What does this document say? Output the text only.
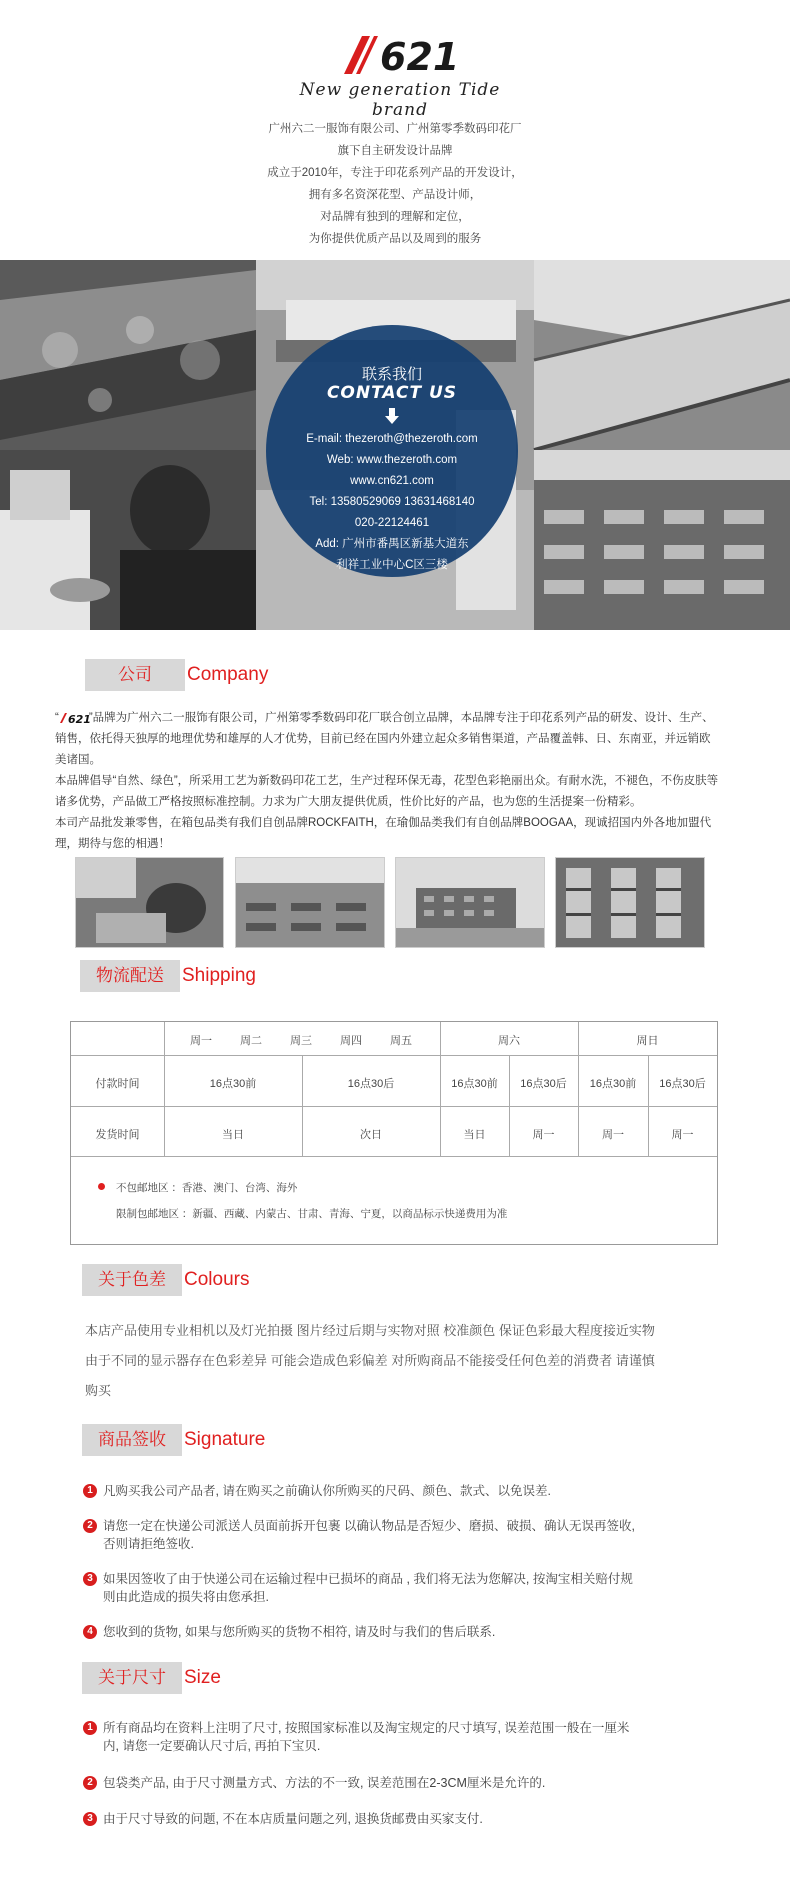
621
New generation Tide brand
广州六二一服饰有限公司、广州第零季数码印花厂
旗下自主研发设计品牌
成立于2010年，专注于印花系列产品的开发设计，
拥有多名资深花型、产品设计师，
对品牌有独到的理解和定位，
为你提供优质产品以及周到的服务
联系我们
CONTACT US
E-mail: thezeroth@thezeroth.com
Web: www.thezeroth.com
www.cn621.com
Tel: 13580529069 13631468140
020-22124461
Add: 广州市番禺区新基大道东
利祥工业中心C区三楼
公司	Company
“ 621
”品牌为广州六二一服饰有限公司，广州第零季数码印花厂联合创立品牌，本品牌专注于印花系列产品的研发、设计、生产、
销售，依托得天独厚的地理优势和雄厚的人才优势，目前已经在国内外建立起众多销售渠道，产品覆盖韩、日、东南亚，并远销欧
美诸国。
本品牌倡导“自然、绿色”，所采用工艺为新数码印花工艺，生产过程环保无毒，花型色彩艳丽出众。有耐水洗，不褪色，不伤皮肤等
诸多优势，产品做工严格按照标准控制。力求为广大朋友提供优质，性价比好的产品，也为您的生活提案一份精彩。
本司产品批发兼零售，在箱包品类有我们自创品牌ROCKFAITH，在瑜伽品类我们有自创品牌BOOGAA，现诚招国内外各地加盟代
理，期待与您的相遇！
物流配送 Shipping
周一	周二	周三	周四	周五	周六	周日
付款时间	16点30前	16点30后	16点30前	16点30后	16点30前	16点30后
发货时间	当日	次日	当日	周一	周一	周一
不包邮地区 ：香港、澳门、台湾、海外
限制包邮地区 ：新疆、西藏、内蒙古、甘肃、青海、宁夏，以商品标示快递费用为准
关于色差 Colours
本店产品使用专业相机以及灯光拍摄 图片经过后期与实物对照 校准颜色 保证色彩最大程度接近实物
由于不同的显示器存在色彩差异 可能会造成色彩偏差 对所购商品不能接受任何色差的消费者 请谨慎
购买
商品签收 Signature
1 凡购买我公司产品者, 请在购买之前确认你所购买的尺码、颜色、款式、以免误差.
2 请您一定在快递公司派送人员面前拆开包裹 以确认物品是否短少、磨损、破损、确认无误再签收,
否则请拒绝签收.
3 如果因签收了由于快递公司在运输过程中已损坏的商品 , 我们将无法为您解决, 按淘宝相关赔付规
则由此造成的损失将由您承担.
4 您收到的货物, 如果与您所购买的货物不相符, 请及时与我们的售后联系.
关于尺寸 Size
1 所有商品均在资料上注明了尺寸, 按照国家标准以及淘宝规定的尺寸填写, 误差范围一般在一厘米
内, 请您一定要确认尺寸后, 再拍下宝贝.
2 包袋类产品, 由于尺寸测量方式、方法的不一致, 误差范围在2-3CM厘米是允许的.
3 由于尺寸导致的问题, 不在本店质量问题之列, 退换货邮费由买家支付.
